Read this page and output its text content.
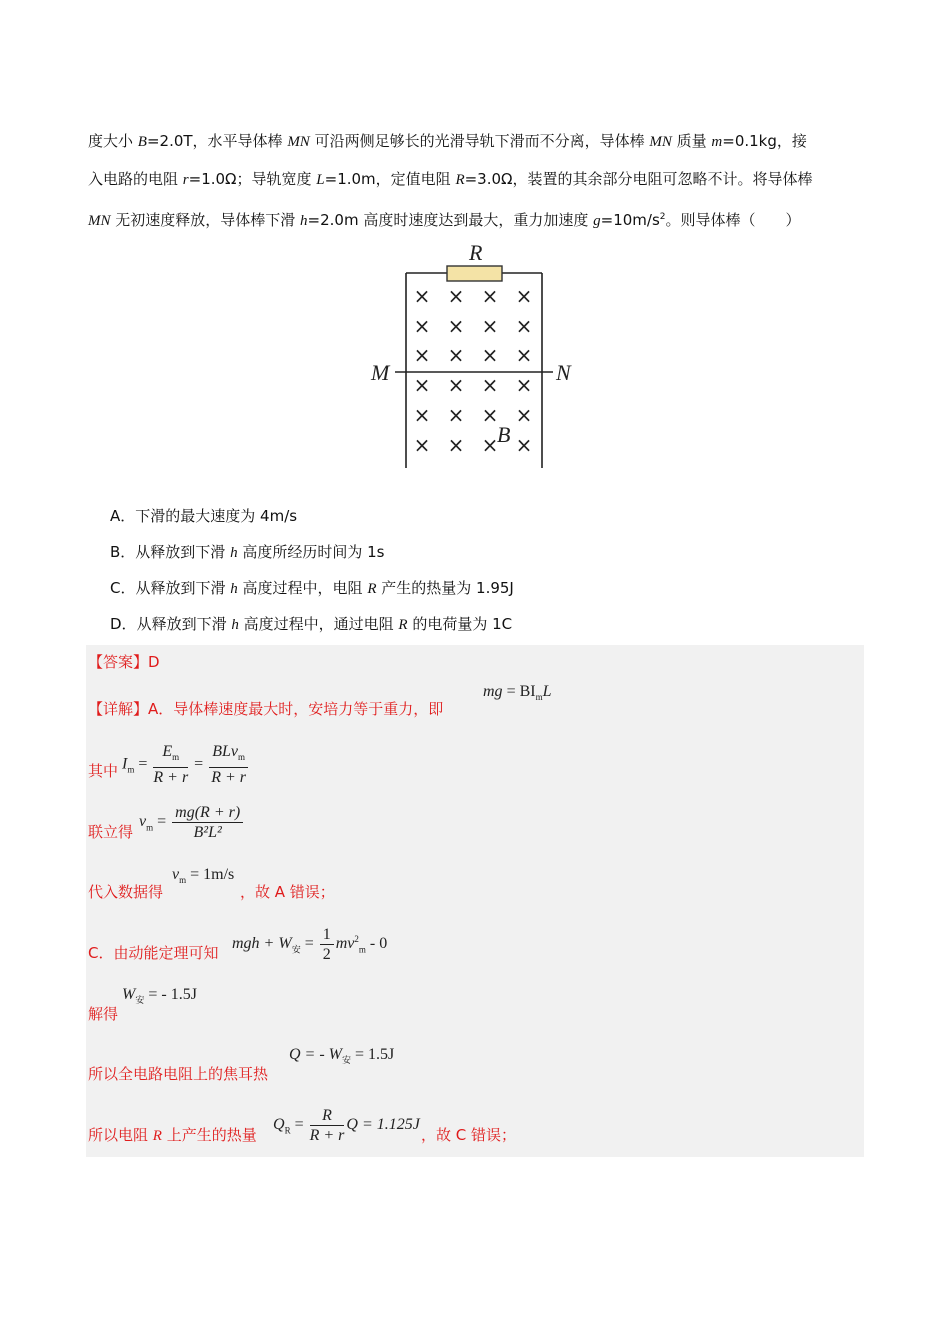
度大小 B=2.0T，水平导体棒 MN 可沿两侧足够长的光滑导轨下滑而不分离，导体棒 MN 质量 m=0.1kg，接
入电路的电阻 r=1.0Ω；导轨宽度 L=1.0m，定值电阻 R=3.0Ω，装置的其余部分电阻可忽略不计。将导体棒
MN 无初速度释放，导体棒下滑 h=2.0m 高度时速度达到最大，重力加速度 $g=10m/s^2$。则导体棒（　　）
R
M	N
× × × ×
× × × ×
× × × ×
× × × ×
× × × ×
× × × ×
B
A．下滑的最大速度为 4m/s
B．从释放到下滑 h 高度所经历时间为 1s
C．从释放到下滑 h 高度过程中，电阻 R 产生的热量为 1.95J
D．从释放到下滑 h 高度过程中，通过电阻 R 的电荷量为 1C
【答案】D
【详解】A．导体棒速度最大时，安培力等于重力，即
mg = $BI_mL$
其中 $I_m = \frac{E_m}{R + r} = \frac{BLv_m}{R + r}$
联立得
$v_m = \frac{mg(R + r)}{\text{B²L²}}$
代入数据得
$v_m = 1m/s$
，故 A 错误；
C．由动能定理可知
mgh + $W_安 = \frac{1}{2} mv^2_m - 0$
解得
$W_安$ = - 1.5J
所以全电路电阻上的焦耳热
Q = - $W_安 = 1.5J$
所以电阻 R 上产生的热量
$Q_R = \frac{R}{R + r}$ Q = 1.125J
，故 C 错误；
